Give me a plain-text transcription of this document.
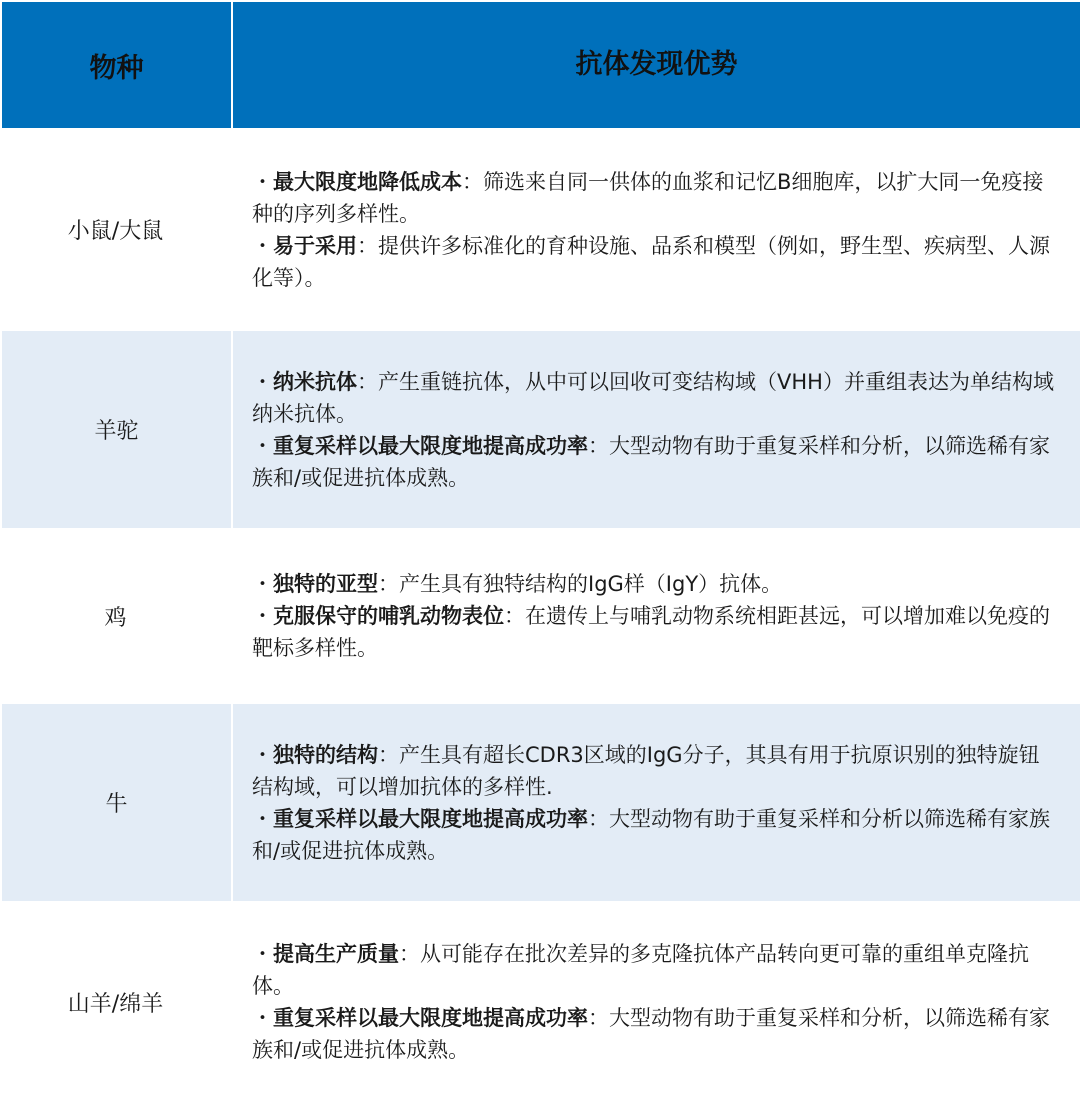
物种	抗体发现优势
小鼠/大鼠
・最大限度地降低成本：筛选来自同一供体的血浆和记忆B细胞库，以扩大同一免疫接种的序列多样性。
・易于采用：提供许多标准化的育种设施、品系和模型（例如，野生型、疾病型、人源化等）。
羊驼
・纳米抗体：产生重链抗体，从中可以回收可变结构域（VHH）并重组表达为单结构域纳米抗体。
・重复采样以最大限度地提高成功率：大型动物有助于重复采样和分析，以筛选稀有家族和/或促进抗体成熟。
鸡
・独特的亚型：产生具有独特结构的IgG样（IgY）抗体。
・克服保守的哺乳动物表位：在遗传上与哺乳动物系统相距甚远，可以增加难以免疫的靶标多样性。
牛
・独特的结构：产生具有超长CDR3区域的IgG分子，其具有用于抗原识别的独特旋钮结构域，可以增加抗体的多样性.
・重复采样以最大限度地提高成功率：大型动物有助于重复采样和分析以筛选稀有家族和/或促进抗体成熟。
山羊/绵羊
・提高生产质量：从可能存在批次差异的多克隆抗体产品转向更可靠的重组单克隆抗体。
・重复采样以最大限度地提高成功率：大型动物有助于重复采样和分析，以筛选稀有家族和/或促进抗体成熟。
